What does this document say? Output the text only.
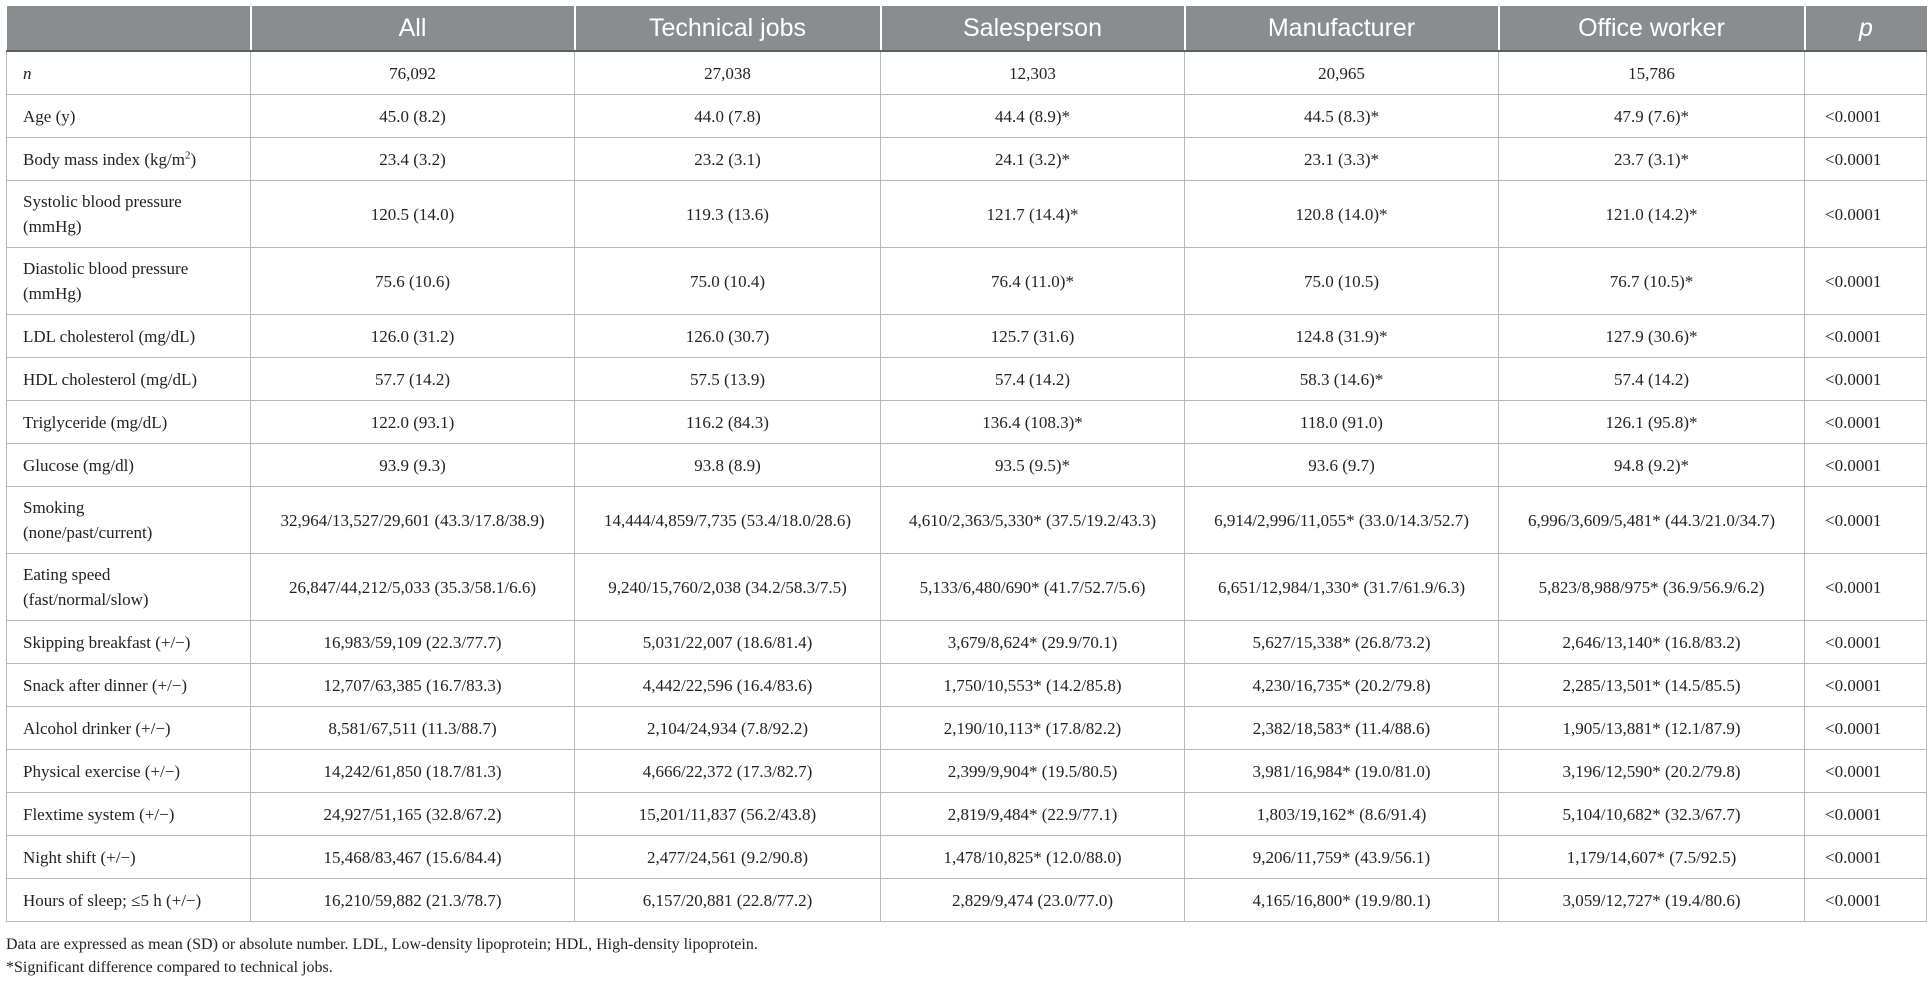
	All	Technical jobs	Salesperson	Manufacturer	Office worker	p
n	76,092	27,038	12,303	20,965	15,786	
Age (y)	45.0 (8.2)	44.0 (7.8)	44.4 (8.9)*	44.5 (8.3)*	47.9 (7.6)*	<0.0001
Body mass index $(kg/m^2)$	23.4 (3.2)	23.2 (3.1)	24.1 (3.2)*	23.1 (3.3)*	23.7 (3.1)*	<0.0001

Systolic blood pressure
(mmHg)	120.5 (14.0)	119.3 (13.6)	121.7 (14.4)*	120.8 (14.0)*	121.0 (14.2)*	<0.0001

Diastolic blood pressure
(mmHg)	75.6 (10.6)	75.0 (10.4)	76.4 (11.0)*	75.0 (10.5)	76.7 (10.5)*	<0.0001
LDL cholesterol (mg/dL)	126.0 (31.2)	126.0 (30.7)	125.7 (31.6)	124.8 (31.9)*	127.9 (30.6)*	<0.0001
HDL cholesterol (mg/dL)	57.7 (14.2)	57.5 (13.9)	57.4 (14.2)	58.3 (14.6)*	57.4 (14.2)	<0.0001
Triglyceride (mg/dL)	122.0 (93.1)	116.2 (84.3)	136.4 (108.3)*	118.0 (91.0)	126.1 (95.8)*	<0.0001
Glucose (mg/dl)	93.9 (9.3)	93.8 (8.9)	93.5 (9.5)*	93.6 (9.7)	94.8 (9.2)*	<0.0001

Smoking
(none/past/current)	32,964/13,527/29,601 (43.3/17.8/38.9)	14,444/4,859/7,735 (53.4/18.0/28.6)	4,610/2,363/5,330* (37.5/19.2/43.3)	6,914/2,996/11,055* (33.0/14.3/52.7)	6,996/3,609/5,481* (44.3/21.0/34.7)	<0.0001

Eating speed
(fast/normal/slow)	26,847/44,212/5,033 (35.3/58.1/6.6)	9,240/15,760/2,038 (34.2/58.3/7.5)	5,133/6,480/690* (41.7/52.7/5.6)	6,651/12,984/1,330* (31.7/61.9/6.3)	5,823/8,988/975* (36.9/56.9/6.2)	<0.0001
Skipping breakfast (+/−)	16,983/59,109 (22.3/77.7)	5,031/22,007 (18.6/81.4)	3,679/8,624* (29.9/70.1)	5,627/15,338* (26.8/73.2)	2,646/13,140* (16.8/83.2)	<0.0001
Snack after dinner (+/−)	12,707/63,385 (16.7/83.3)	4,442/22,596 (16.4/83.6)	1,750/10,553* (14.2/85.8)	4,230/16,735* (20.2/79.8)	2,285/13,501* (14.5/85.5)	<0.0001
Alcohol drinker (+/−)	8,581/67,511 (11.3/88.7)	2,104/24,934 (7.8/92.2)	2,190/10,113* (17.8/82.2)	2,382/18,583* (11.4/88.6)	1,905/13,881* (12.1/87.9)	<0.0001
Physical exercise (+/−)	14,242/61,850 (18.7/81.3)	4,666/22,372 (17.3/82.7)	2,399/9,904* (19.5/80.5)	3,981/16,984* (19.0/81.0)	3,196/12,590* (20.2/79.8)	<0.0001
Flextime system (+/−)	24,927/51,165 (32.8/67.2)	15,201/11,837 (56.2/43.8)	2,819/9,484* (22.9/77.1)	1,803/19,162* (8.6/91.4)	5,104/10,682* (32.3/67.7)	<0.0001
Night shift (+/−)	15,468/83,467 (15.6/84.4)	2,477/24,561 (9.2/90.8)	1,478/10,825* (12.0/88.0)	9,206/11,759* (43.9/56.1)	1,179/14,607* (7.5/92.5)	<0.0001
Hours of sleep; ≤5 h (+/−)	16,210/59,882 (21.3/78.7)	6,157/20,881 (22.8/77.2)	2,829/9,474 (23.0/77.0)	4,165/16,800* (19.9/80.1)	3,059/12,727* (19.4/80.6)	<0.0001
Data are expressed as mean (SD) or absolute number. LDL, Low-density lipoprotein; HDL, High-density lipoprotein.
*Significant difference compared to technical jobs.
